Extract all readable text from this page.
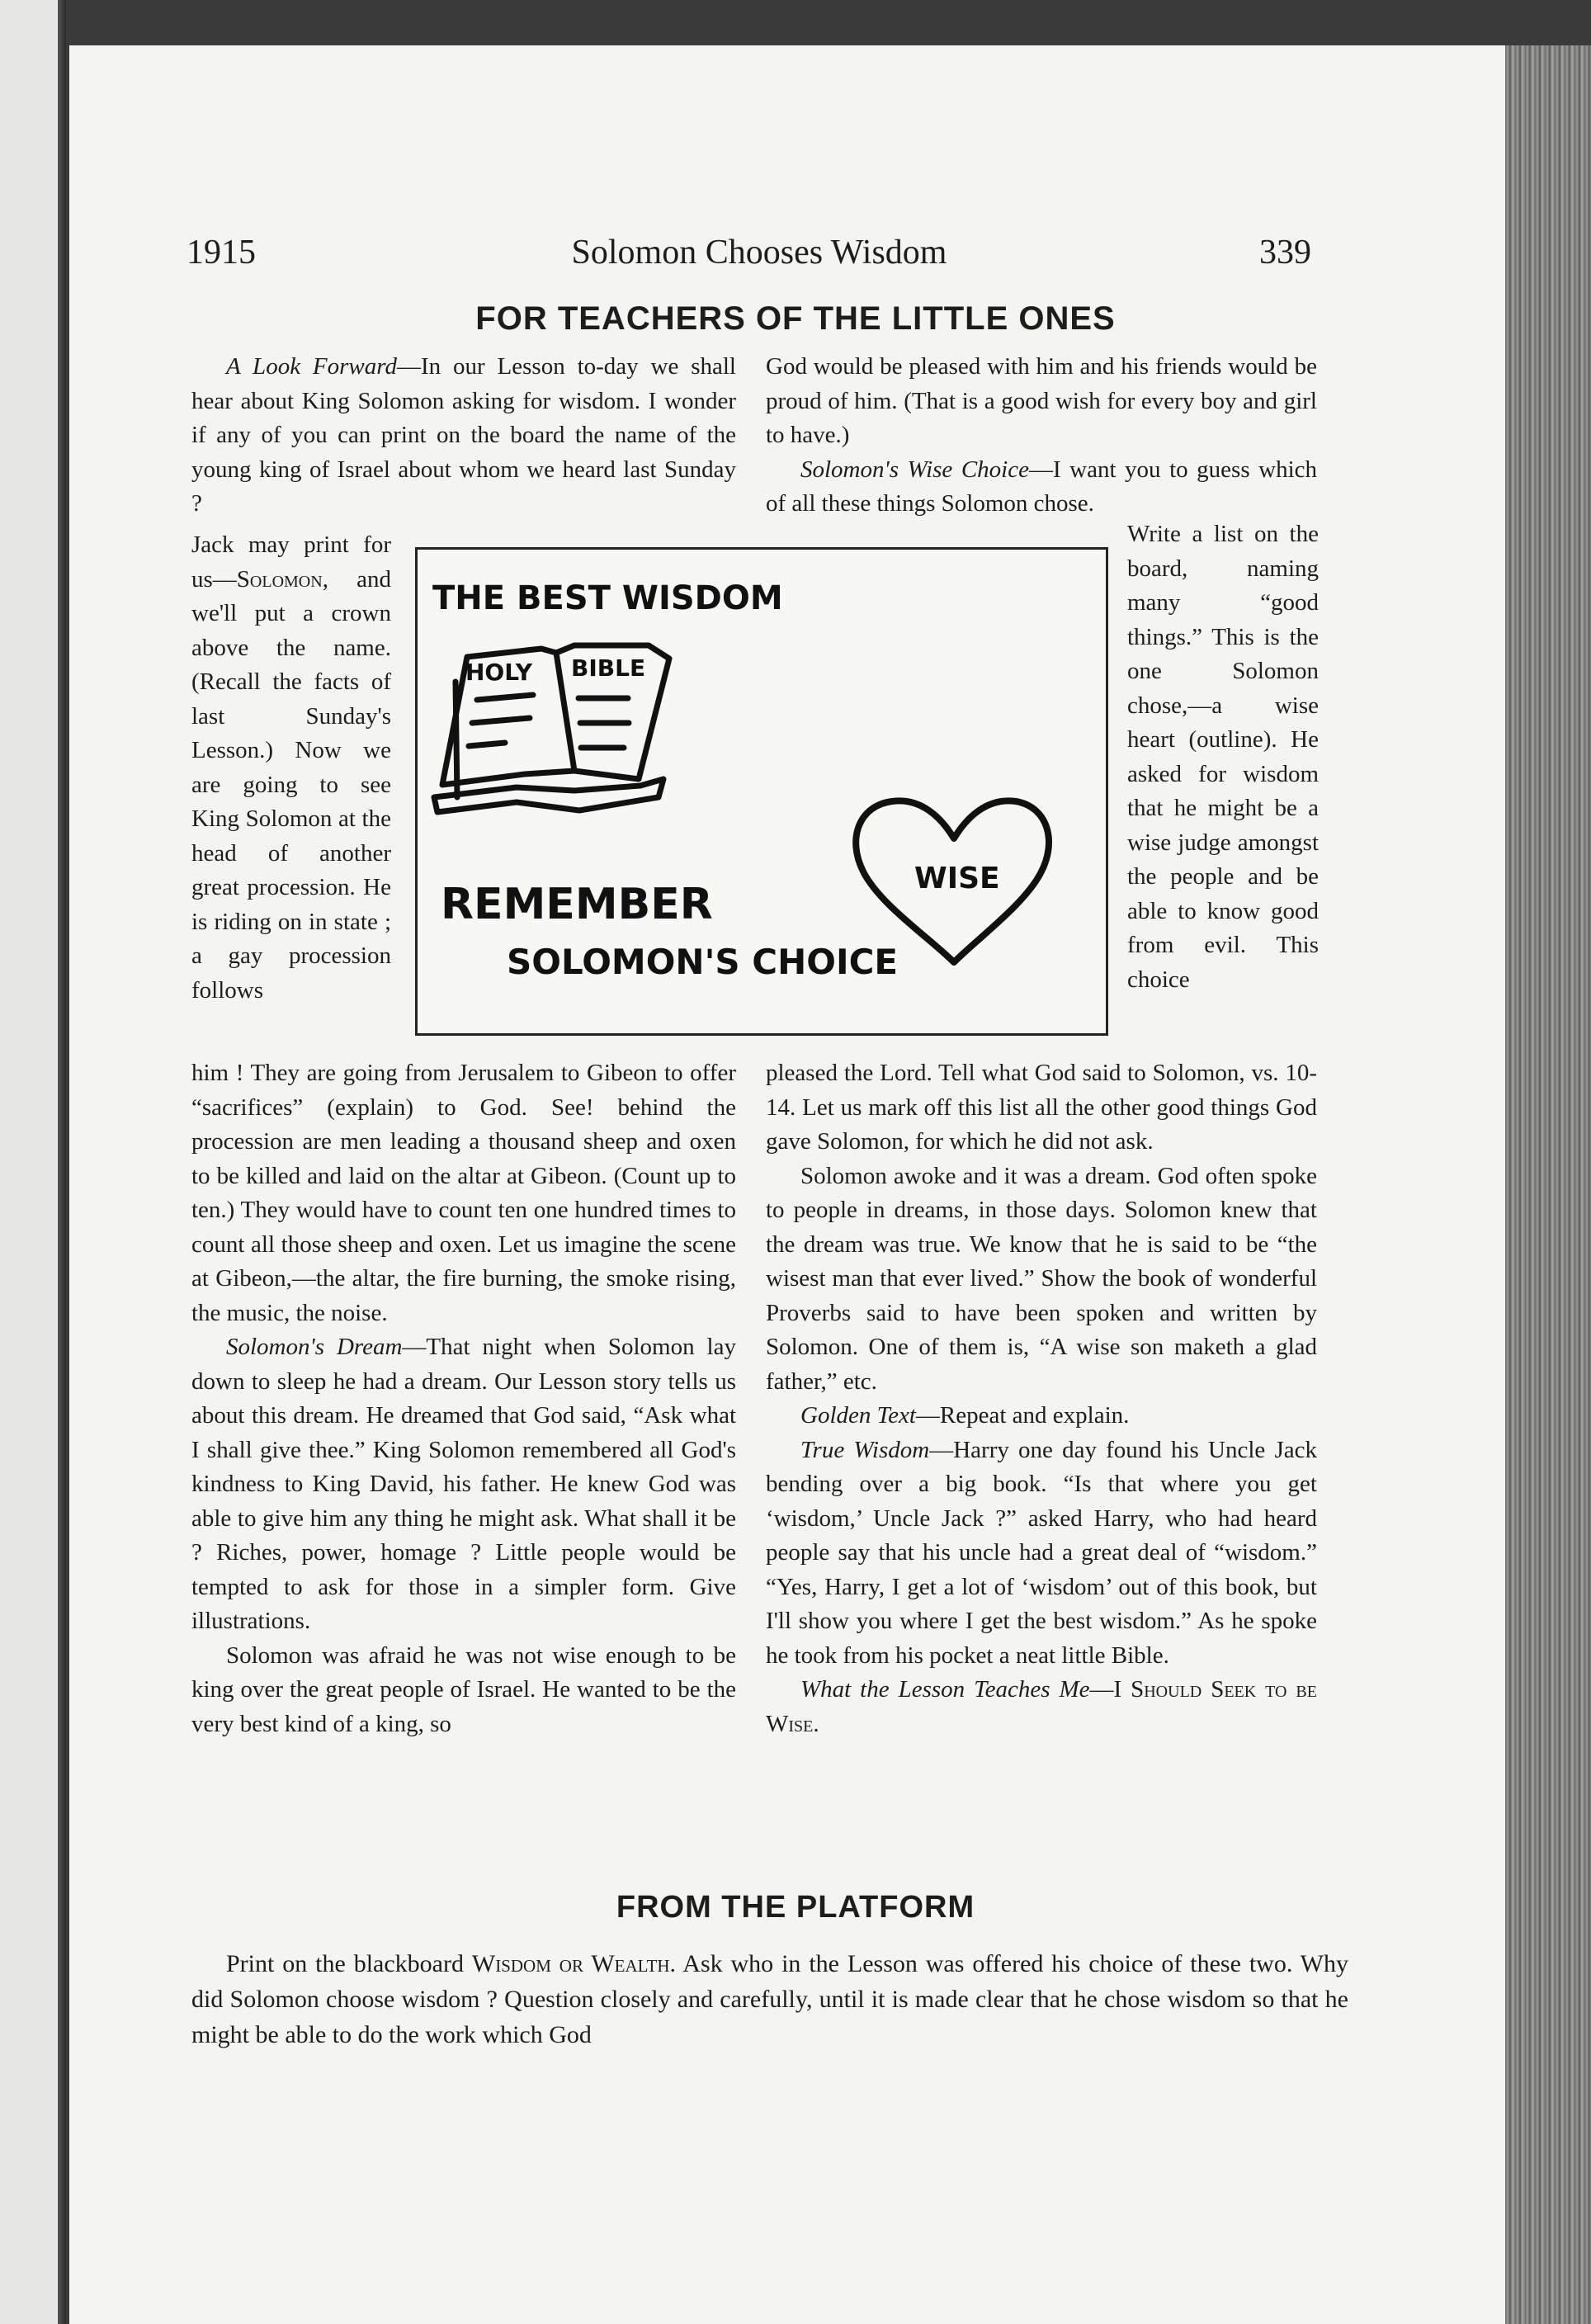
1915	Solomon Chooses Wisdom	339
FOR TEACHERS OF THE LITTLE ONES

A Look Forward—In our Lesson to-day we shall hear about King Solomon asking for wisdom. I wonder if any of you can print on the board the name of the young king of Israel about whom we heard last Sunday ?

Jack may print for us—Solomon, and we'll put a crown above the name. (Recall the facts of last Sunday's Lesson.) Now we are going to see King Solomon at the head of another great procession. He is riding on in state ; a gay procession follows

him ! They are going from Jerusalem to Gibeon to offer “sacrifices” (explain) to God. See! behind the procession are men leading a thousand sheep and oxen to be killed and laid on the altar at Gibeon. (Count up to ten.) They would have to count ten one hundred times to count all those sheep and oxen. Let us imagine the scene at Gibeon,—the altar, the fire burning, the smoke rising, the music, the noise.

Solomon's Dream—That night when Solomon lay down to sleep he had a dream. Our Lesson story tells us about this dream. He dreamed that God said, “Ask what I shall give thee.” King Solomon remembered all God's kindness to King David, his father. He knew God was able to give him any thing he might ask. What shall it be ? Riches, power, homage ? Little people would be tempted to ask for those in a simpler form. Give illustrations.

Solomon was afraid he was not wise enough to be king over the great people of Israel. He wanted to be the very best kind of a king, so

God would be pleased with him and his friends would be proud of him. (That is a good wish for every boy and girl to have.)

Solomon's Wise Choice—I want you to guess which of all these things Solomon chose.

Write a list on the board, naming many “good things.” This is the one Solomon chose,—a wise heart (outline). He asked for wisdom that he might be a wise judge amongst the people and be able to know good from evil. This choice

pleased the Lord. Tell what God said to Solomon, vs. 10-14. Let us mark off this list all the other good things God gave Solomon, for which he did not ask.

Solomon awoke and it was a dream. God often spoke to people in dreams, in those days. Solomon knew that the dream was true. We know that he is said to be “the wisest man that ever lived.” Show the book of wonderful Proverbs said to have been spoken and written by Solomon. One of them is, “A wise son maketh a glad father,” etc.

Golden Text—Repeat and explain.

True Wisdom—Harry one day found his Uncle Jack bending over a big book. “Is that where you get ‘wisdom,’ Uncle Jack ?” asked Harry, who had heard people say that his uncle had a great deal of “wisdom.” “Yes, Harry, I get a lot of ‘wisdom’ out of this book, but I'll show you where I get the best wisdom.” As he spoke he took from his pocket a neat little Bible.

What the Lesson Teaches Me—I Should Seek to be Wise.

THE BEST WISDOM
HOLY BIBLE
WISE
REMEMBER
SOLOMON'S CHOICE
FROM THE PLATFORM

Print on the blackboard Wisdom or Wealth. Ask who in the Lesson was offered his choice of these two. Why did Solomon choose wisdom ? Question closely and carefully, until it is made clear that he chose wisdom so that he might be able to do the work which God
